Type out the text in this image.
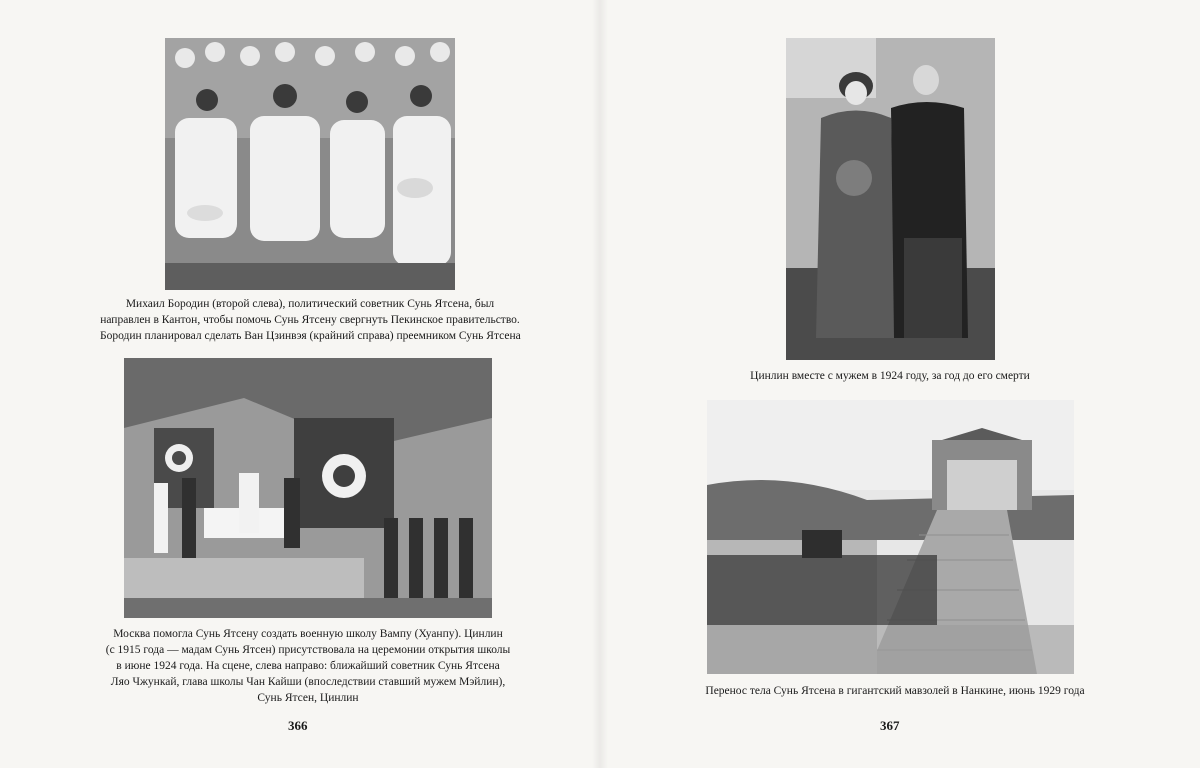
Михаил Бородин (второй слева), политический советник Сунь Ятсена, был
направлен в Кантон, чтобы помочь Сунь Ятсену свергнуть Пекинское правительство.
Бородин планировал сделать Ван Цзинвэя (крайний справа) преемником Сунь Ятсена
Москва помогла Сунь Ятсену создать военную школу Вампу (Хуанпу). Цинлин
(с 1915 года — мадам Сунь Ятсен) присутствовала на церемонии открытия школы
в июне 1924 года. На сцене, слева направо: ближайший советник Сунь Ятсена
Ляо Чжункай, глава школы Чан Кайши (впоследствии ставший мужем Мэйлин),
Сунь Ятсен, Цинлин
366
Цинлин вместе с мужем в 1924 году, за год до его смерти
Перенос тела Сунь Ятсена в гигантский мавзолей в Нанкине, июнь 1929 года
367
